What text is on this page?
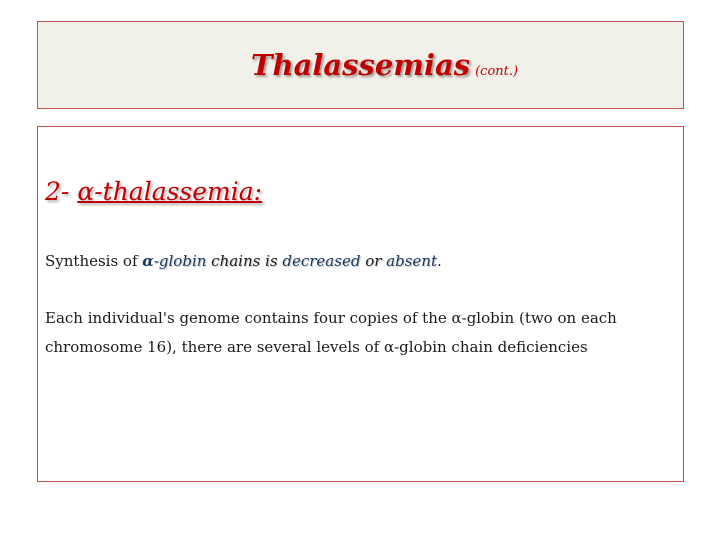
Thalassemias (cont.)
2- α-thalassemia:
Synthesis of α-globin chains is decreased or absent.
Each individual's genome contains four copies of the α-globin (two on each chromosome 16), there are several levels of α-globin chain deficiencies
